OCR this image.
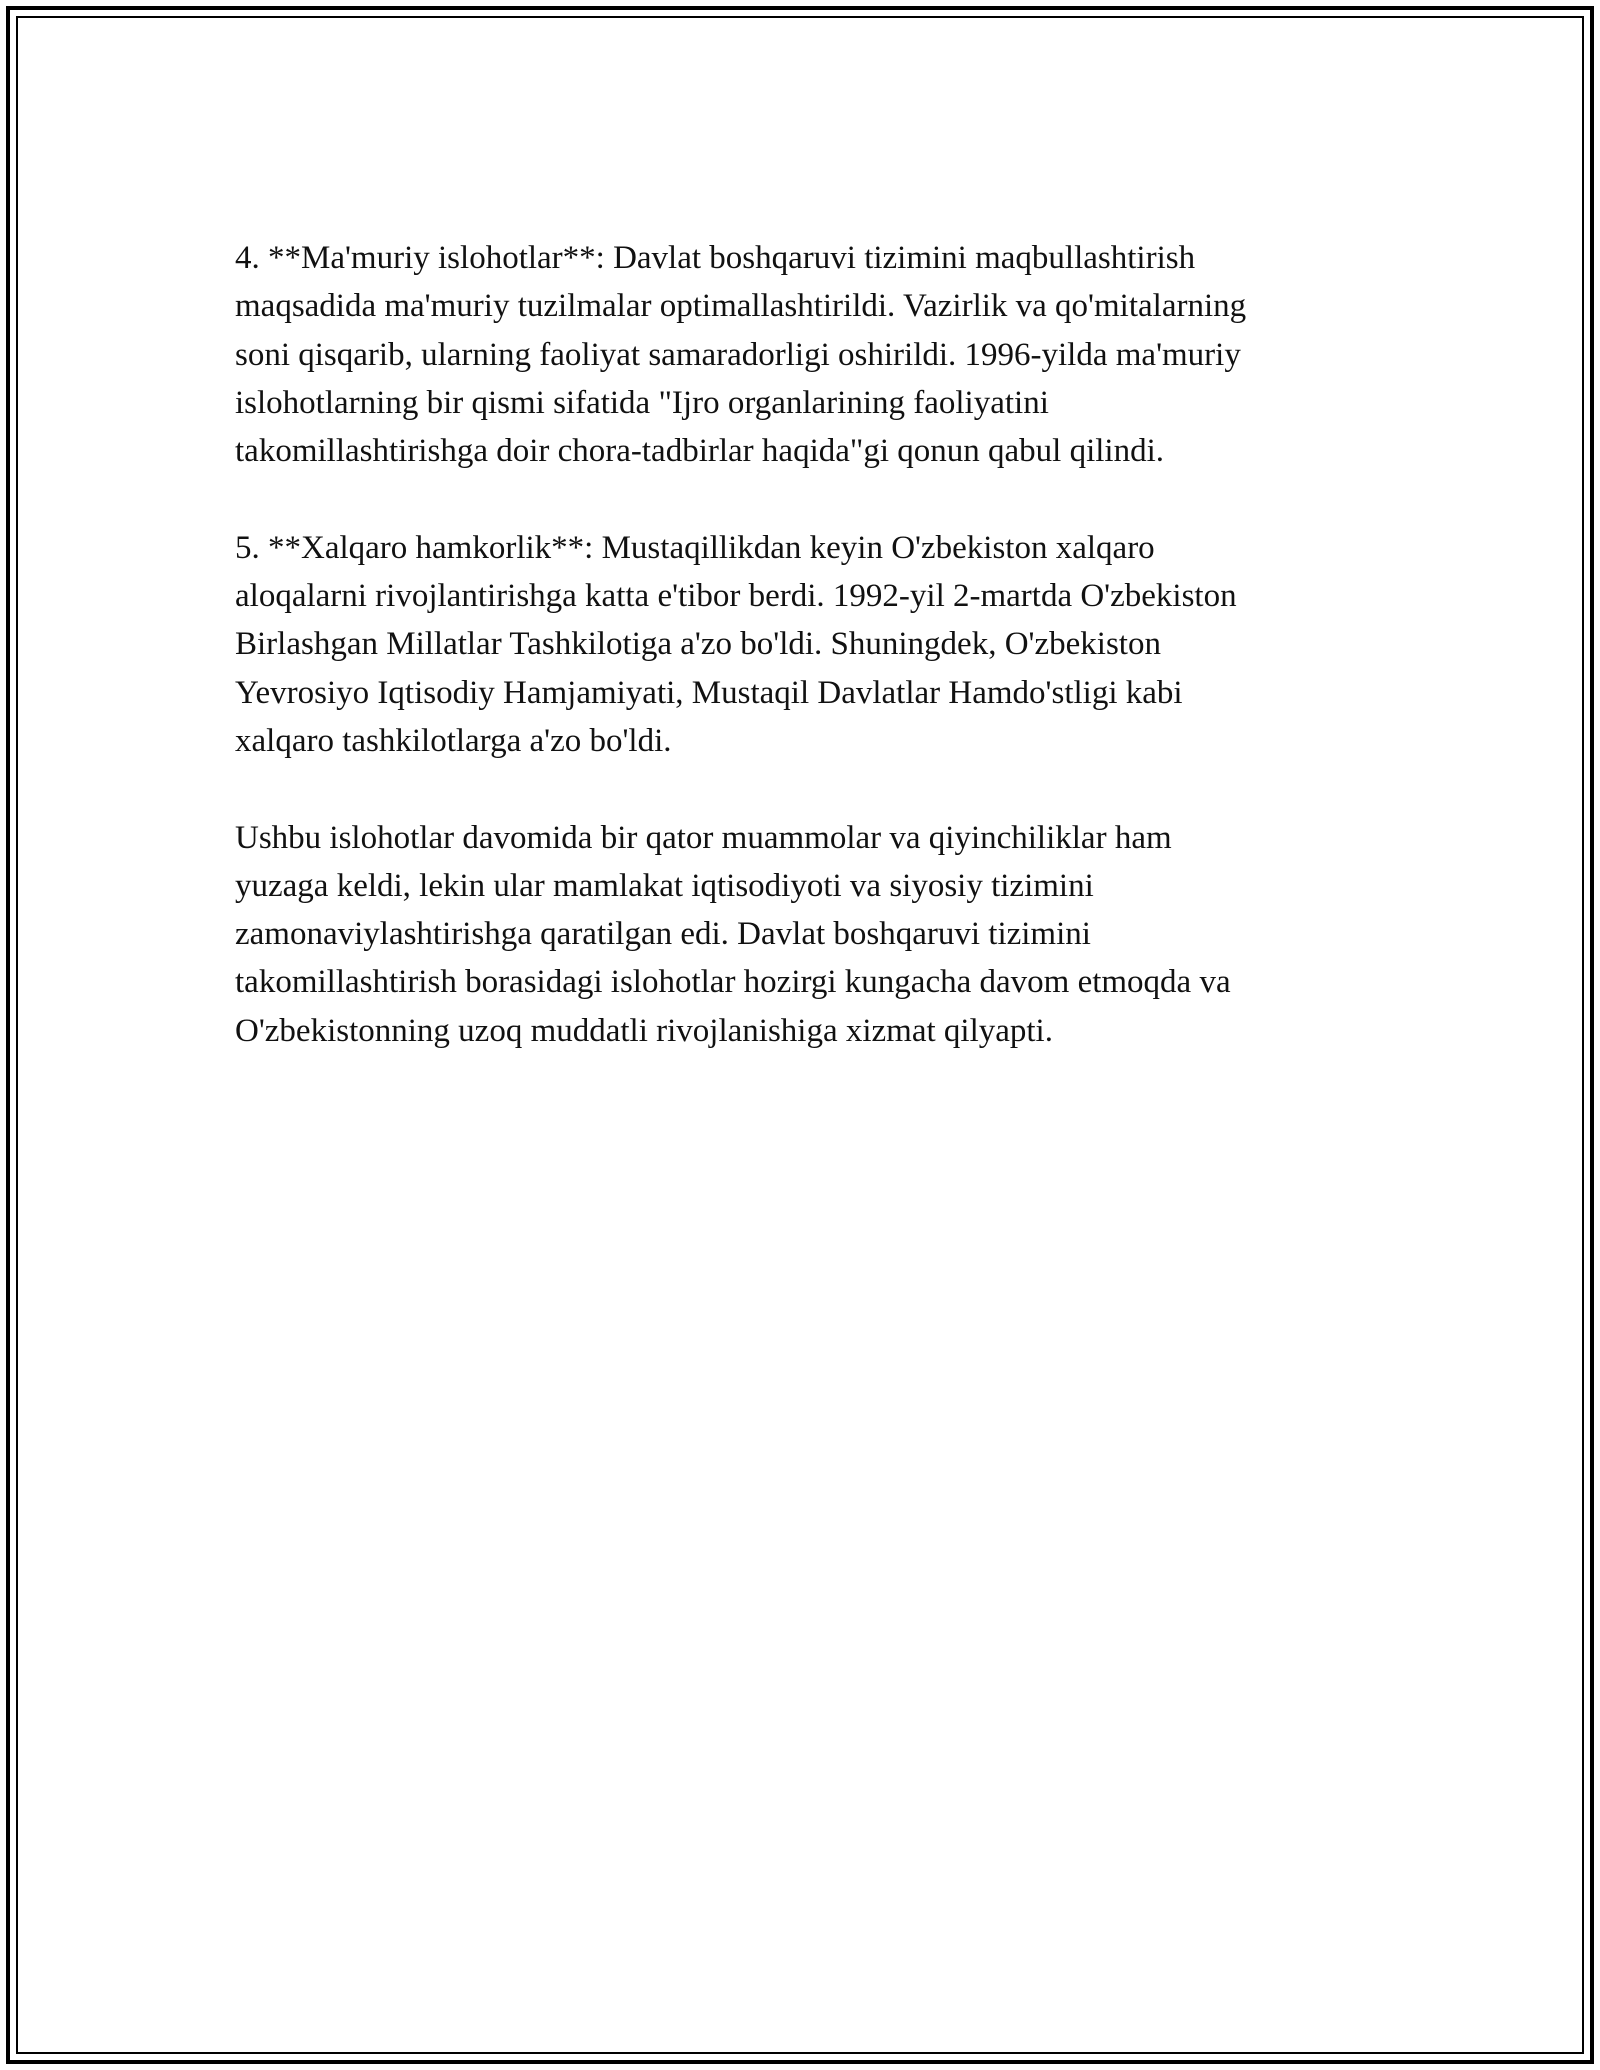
4. **Ma'muriy islohotlar**: Davlat boshqaruvi tizimini maqbullashtirish
maqsadida ma'muriy tuzilmalar optimallashtirildi. Vazirlik va qo'mitalarning
soni qisqarib, ularning faoliyat samaradorligi oshirildi. 1996-yilda ma'muriy
islohotlarning bir qismi sifatida "Ijro organlarining faoliyatini
takomillashtirishga doir chora-tadbirlar haqida"gi qonun qabul qilindi.

5. **Xalqaro hamkorlik**: Mustaqillikdan keyin O'zbekiston xalqaro
aloqalarni rivojlantirishga katta e'tibor berdi. 1992-yil 2-martda O'zbekiston
Birlashgan Millatlar Tashkilotiga a'zo bo'ldi. Shuningdek, O'zbekiston
Yevrosiyo Iqtisodiy Hamjamiyati, Mustaqil Davlatlar Hamdo'stligi kabi
xalqaro tashkilotlarga a'zo bo'ldi.

Ushbu islohotlar davomida bir qator muammolar va qiyinchiliklar ham
yuzaga keldi, lekin ular mamlakat iqtisodiyoti va siyosiy tizimini
zamonaviylashtirishga qaratilgan edi. Davlat boshqaruvi tizimini
takomillashtirish borasidagi islohotlar hozirgi kungacha davom etmoqda va
O'zbekistonning uzoq muddatli rivojlanishiga xizmat qilyapti.
